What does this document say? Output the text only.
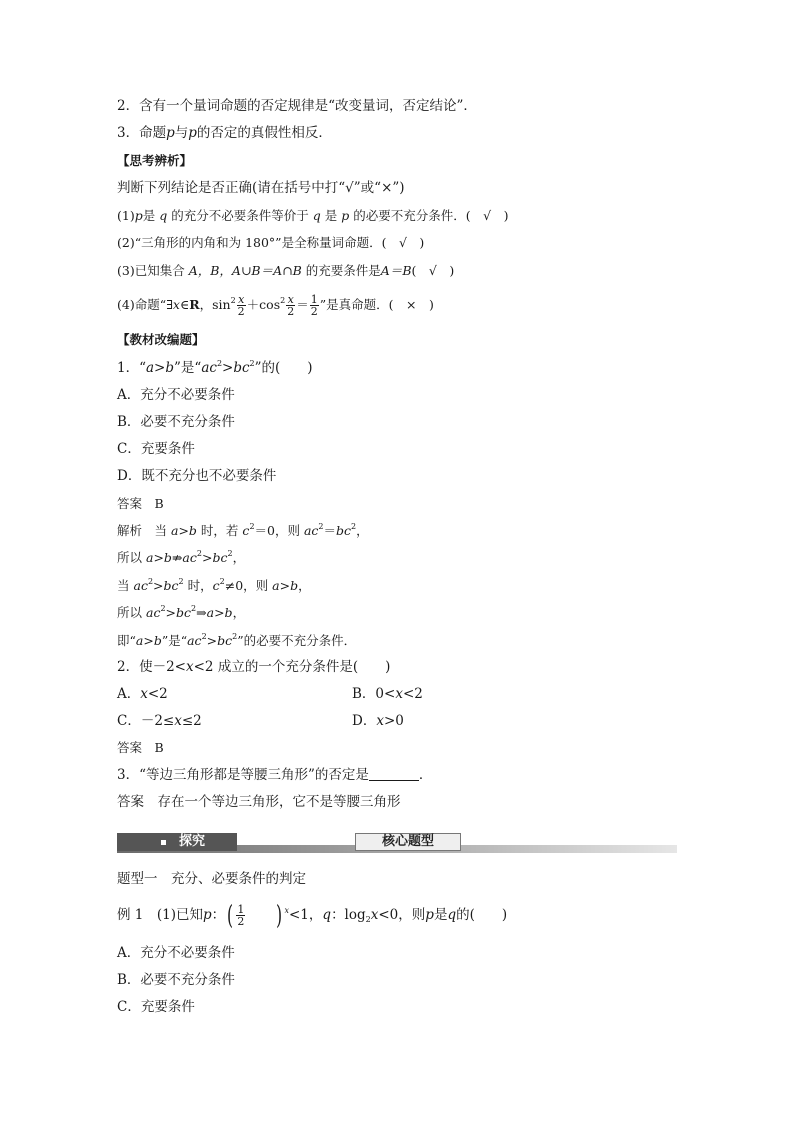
2．含有一个量词命题的否定规律是“改变量词，否定结论”．
3．命题p与p的否定的真假性相反．
【思考辨析】
判断下列结论是否正确(请在括号中打“√”或“×”)
(1)p是 q 的充分不必要条件等价于 q 是 p 的必要不充分条件．(　√　)
(2)“三角形的内角和为 180°”是全称量词命题．(　√　)
(3)已知集合 A，B，A∪B＝A∩B 的充要条件是A＝B(　√　)
(4)命题“∃x∈R，$\sin^2 \frac{x}{2} +\cos^2 \frac{x}{2} = \frac{1}{2}$ ”是真命题．(　×　)
【教材改编题】
1．“a>b”是“$ac^2>bc^2$”的(　　)
A．充分不必要条件
B．必要不充分条件
C．充要条件
D．既不充分也不必要条件
答案　B
解析　当 a>b 时，若 $c^2=0$，则 $ac^2=bc^2$，
所以 $a>b⇏ac^2>bc^2$，
当 $ac^2>bc^2$ 时，$c^2\ne 0$，则 a>b，
所以 $ac^2>bc^2\Rightarrow a>b$，
即“a>b”是“$ac^2>bc^2$”的必要不充分条件．
2．使－2<x<2 成立的一个充分条件是(　　)
A．x<2	B．0<x<2
C．－2≤x≤2	D．x>0
答案　B
3．“等边三角形都是等腰三角形”的否定是	．
答案　存在一个等边三角形，它不是等腰三角形
探究	核心题型
题型一　充分、必要条件的判定
例 1　(1)已知p：( $\frac{1}{2}$ ) $^x$<1，q：$\log_2x<0$，则p是q的(　　)
A．充分不必要条件
B．必要不充分条件
C．充要条件
